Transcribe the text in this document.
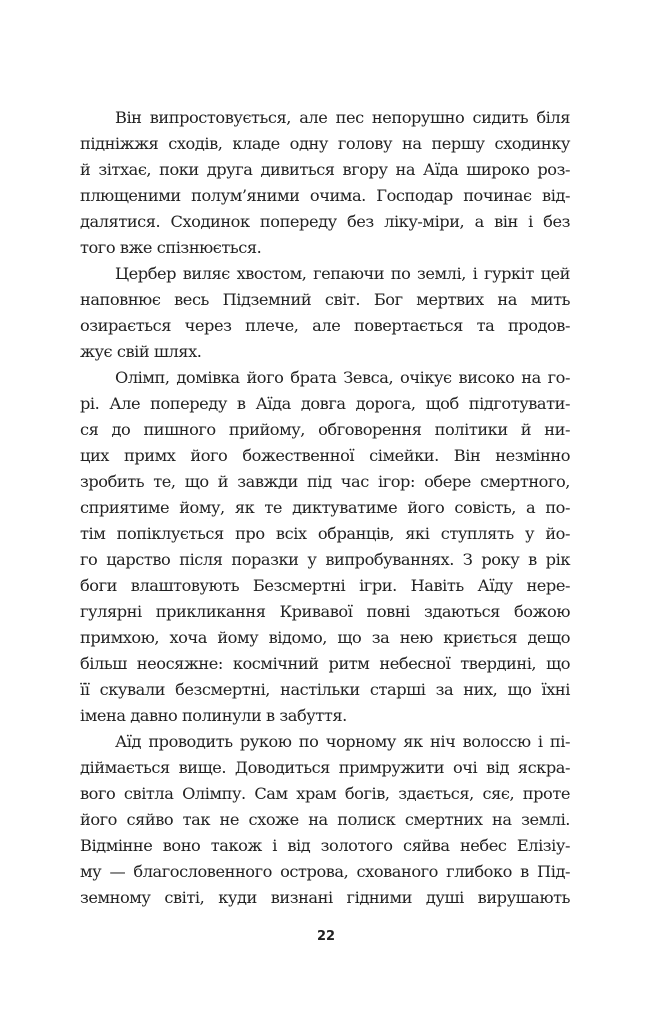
Він випростовується, але пес непорушно сидить біля
підніжжя сходів, кладе одну голову на першу сходинку
й зітхає, поки друга дивиться вгору на Аїда широко роз-
плющеними полум’яними очима. Господар починає від-
далятися. Сходинок попереду без ліку-міри, а він і без
того вже спізнюється.
Цербер виляє хвостом, гепаючи по землі, і гуркіт цей
наповнює весь Підземний світ. Бог мертвих на мить
озирається через плече, але повертається та продов-
жує свій шлях.
Олімп, домівка його брата Зевса, очікує високо на го-
рі. Але попереду в Аїда довга дорога, щоб підготувати-
ся до пишного прийому, обговорення політики й ни-
цих примх його божественної сімейки. Він незмінно
зробить те, що й завжди під час ігор: обере смертного,
сприятиме йому, як те диктуватиме його совість, а по-
тім попіклується про всіх обранців, які ступлять у йо-
го царство після поразки у випробуваннях. З року в рік
боги влаштовують Безсмертні ігри. Навіть Аїду нере-
гулярні прикликання Кривавої повні здаються божою
примхою, хоча йому відомо, що за нею криється дещо
більш неосяжне: космічний ритм небесної твердині, що
її скували безсмертні, настільки старші за них, що їхні
імена давно полинули в забуття.
Аїд проводить рукою по чорному як ніч волоссю і пі-
діймається вище. Доводиться примружити очі від яскра-
вого світла Олімпу. Сам храм богів, здається, сяє, проте
його сяйво так не схоже на полиск смертних на землі.
Відмінне воно також і від золотого сяйва небес Елізіу-
му — благословенного острова, схованого глибоко в Під-
земному світі, куди визнані гідними душі вирушають
22
